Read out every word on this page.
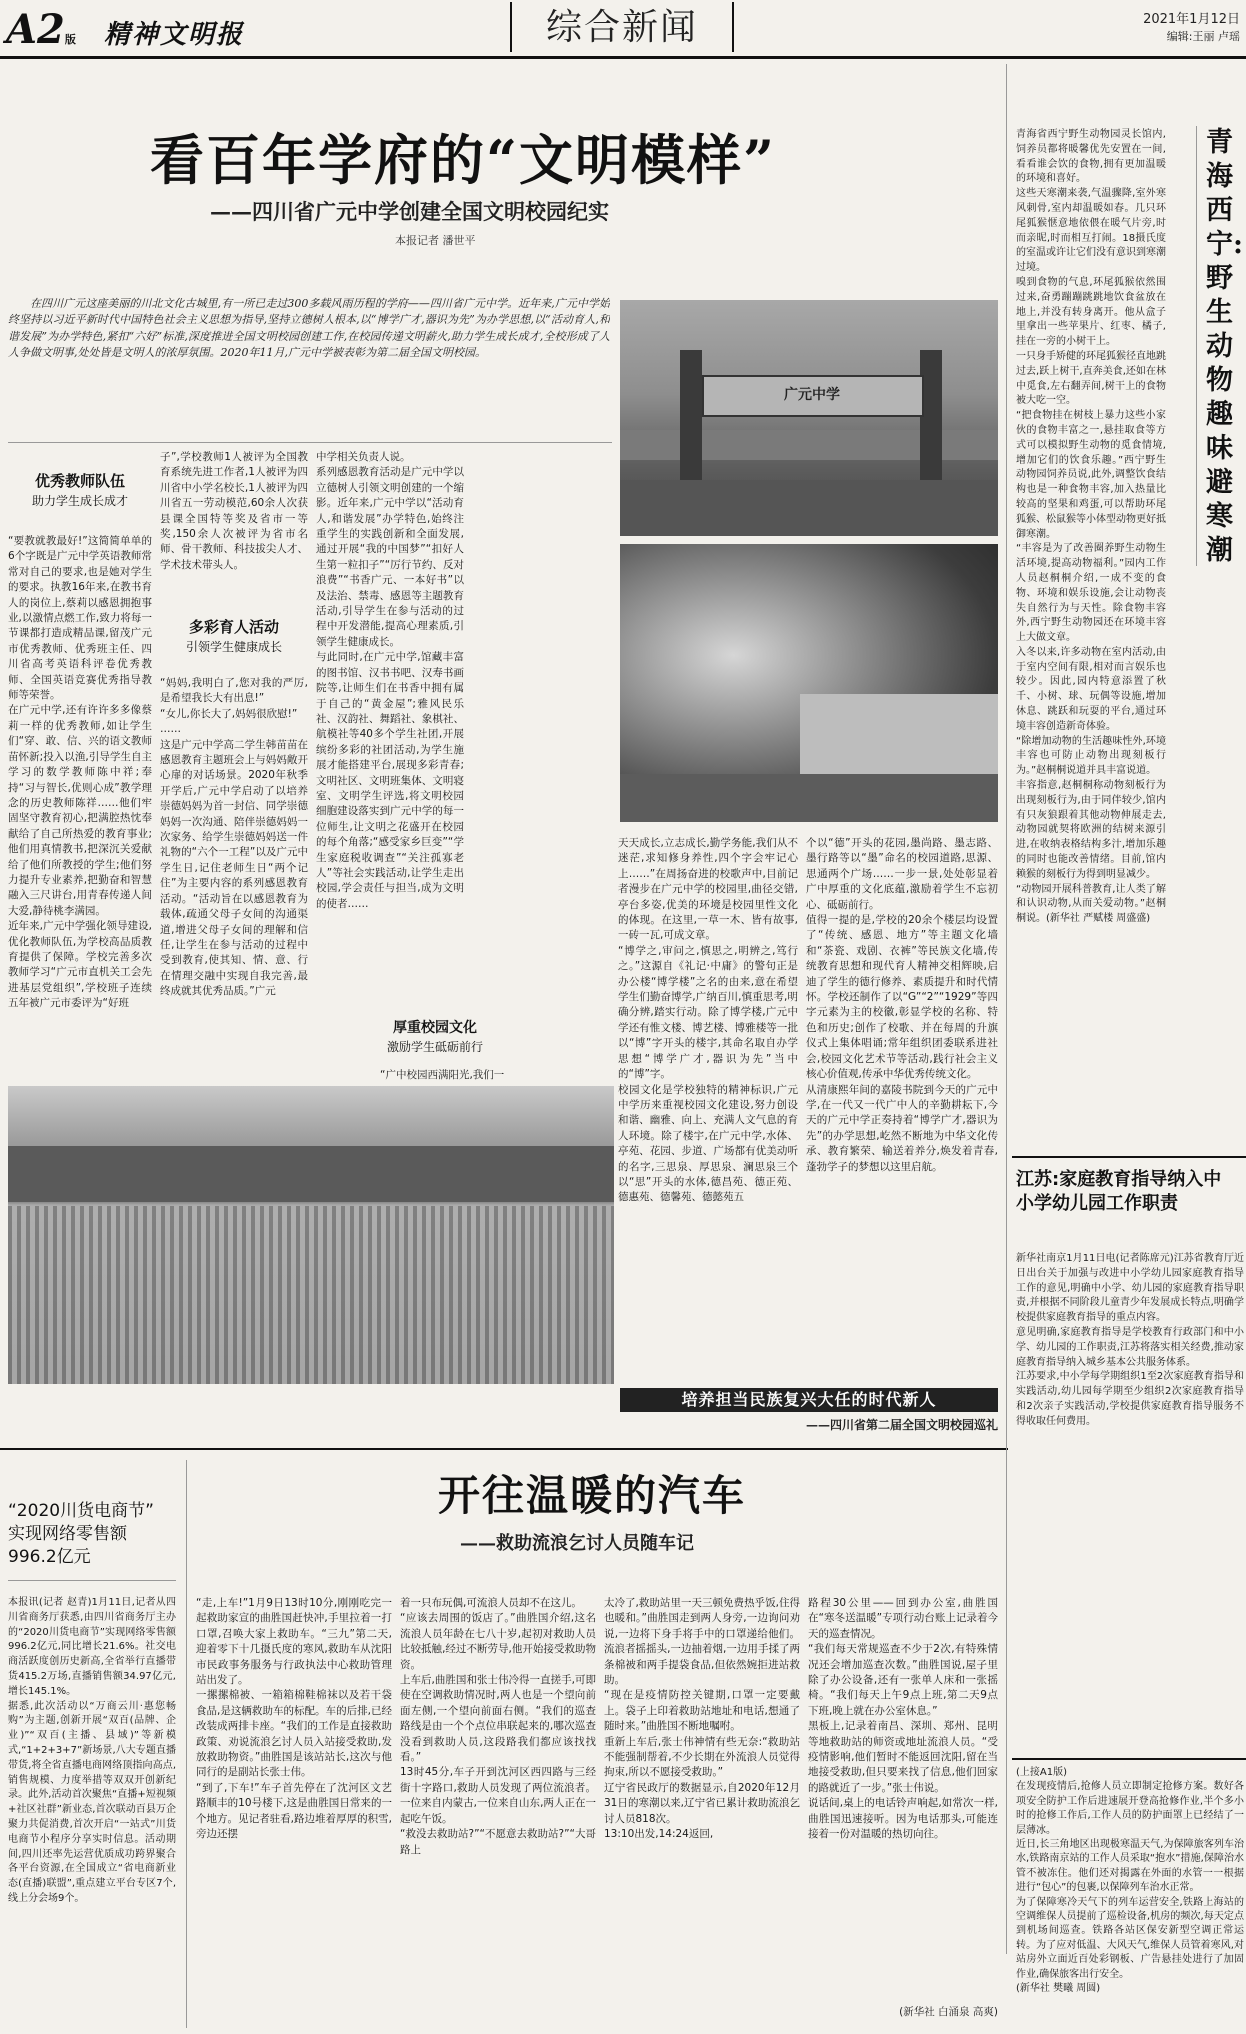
A2版 精神文明报	综合新闻	2021年1月12日
编辑:王丽 卢瑶
看百年学府的“文明模样”
——四川省广元中学创建全国文明校园纪实
本报记者 潘世平
在四川广元这座美丽的川北文化古城里,有一所已走过300多载风雨历程的学府——四川省广元中学。近年来,广元中学始终坚持以习近平新时代中国特色社会主义思想为指导,坚持立德树人根本,以“博学广才,器识为先”为办学思想,以“活动育人,和谐发展”为办学特色,紧扣“六好”标准,深度推进全国文明校园创建工作,在校园传递文明薪火,助力学生成长成才,全校形成了人人争做文明事,处处皆是文明人的浓厚氛围。2020年11月,广元中学被表彰为第二届全国文明校园。
广元中学
优秀教师队伍
助力学生成长成才
“要教就教最好!”这简简单单的6个字既是广元中学英语教师常常对自己的要求,也是她对学生的要求。执教16年来,在教书育人的岗位上,蔡莉以感恩拥抱事业,以激情点燃工作,致力将每一节课都打造成精品课,留茂广元市优秀教师、优秀班主任、四川省高考英语科评卷优秀教师、全国英语竞赛优秀指导教师等荣誉。
在广元中学,还有许许多多像蔡莉一样的优秀教师,如让学生们“穿、敢、信、兴的语文教师苗怀新;投入以渔,引导学生自主学习的数学教师陈中祥;奉持“习与智长,优则心成”教学理念的历史教师陈祥……他们牢固坚守教育初心,把满腔热忱奉献给了自己所热爱的教育事业;他们用真情教书,把深沉关爱献给了他们所教授的学生;他们努力提升专业素养,把勤奋和智慧融入三尺讲台,用青春传递人间大爱,静待桃李满园。
近年来,广元中学强化领导建设,优化教师队伍,为学校高品质教育提供了保障。学校完善多次教师学习“广元市直机关工会先进基层党组织”,学校班子连续五年被广元市委评为“好班
子”,学校教师1人被评为全国教育系统先进工作者,1人被评为四川省中小学名校长,1人被评为四川省五一劳动模范,60余人次获县课全国特等奖及省市一等奖,150余人次被评为省市名师、骨干教师、科技拔尖人才、学术技术带头人。
多彩育人活动
引领学生健康成长
“妈妈,我明白了,您对我的严厉,是希望我长大有出息!”
“女儿,你长大了,妈妈很欣慰!”
……
这是广元中学高二学生韩苗苗在感恩教育主题班会上与妈妈敞开心扉的对话场景。2020年秋季开学后,广元中学启动了以培养崇德妈妈为首一封信、同学崇德妈妈一次沟通、陪伴崇德妈妈一次家务、给学生崇德妈妈送一件礼物的“六个一工程”以及广元中学生日,记住老师生日“两个记住”为主要内容的系列感恩教育活动。“活动旨在以感恩教育为载体,疏通父母子女间的沟通渠道,增进父母子女间的理解和信任,让学生在参与活动的过程中受到教育,使其知、情、意、行在情理交融中实现自我完善,最终成就其优秀品质。”广元
中学相关负责人说。
系列感恩教育活动是广元中学以立德树人引领文明创建的一个缩影。近年来,广元中学以“活动育人,和谐发展”办学特色,始终注重学生的实践创新和全面发展,通过开展“我的中国梦”“扣好人生第一粒扣子”“厉行节约、反对浪费”“书香广元、一本好书”以及法治、禁毒、感恩等主题教育活动,引导学生在参与活动的过程中开发潜能,提高心理素质,引领学生健康成长。
与此同时,在广元中学,馆藏丰富的图书馆、汉书书吧、汉寿书画院等,让师生们在书香中拥有属于自己的“黄金屋”;雅风民乐社、汉韵社、舞蹈社、象棋社、航模社等40多个学生社团,开展缤纷多彩的社团活动,为学生施展才能搭建平台,展现多彩青春;文明社区、文明班集体、文明寝室、文明学生评选,将文明校园细胞建设落实到广元中学的每一位师生,让文明之花盛开在校园的每个角落;“感受家乡巨变”“学生家庭税收调查”“关注孤寡老人”等社会实践活动,让学生走出校园,学会责任与担当,成为文明的使者……
厚重校园文化
激励学生砥砺前行
“广中校园西满阳光,我们一
天天成长,立志成长,勤学务能,我们从不迷茫,求知修身养性,四个字会牢记心上……”在周扬奋进的校歌声中,目前记者漫步在广元中学的校园里,曲径交错,亭台多姿,优美的环境是校园里性文化的体现。在这里,一草一木、皆有故事,一砖一瓦,可成文章。
“博学之,审问之,慎思之,明辨之,笃行之。”这源自《礼记·中庸》的警句正是办公楼“博学楼”之名的由来,意在希望学生们勤奋博学,广纳百川,慎重思考,明确分辨,踏实行动。除了博学楼,广元中学还有惟文楼、博艺楼、博雅楼等一批以“博”字开头的楼宇,其命名取自办学思想“博学广才,器识为先”当中的“博”字。
校园文化是学校独特的精神标识,广元中学历来重视校园文化建设,努力创设和谐、幽雅、向上、充满人文气息的育人环境。除了楼宇,在广元中学,水体、亭苑、花园、步道、广场都有优美动听的名字,三思泉、厚思泉、澜思泉三个以“思”开头的水体,德昌苑、德正苑、德惠苑、德馨苑、德懿苑五
个以“德”开头的花园,墨尚路、墨志路、墨行路等以“墨”命名的校园道路,思源、思通两个广场……一步一景,处处彰显着广中厚重的文化底蕴,激励着学生不忘初心、砥砺前行。
值得一提的是,学校的20余个楼层均设置了“传统、感恩、地方”等主题文化墙和“茶瓷、戏剧、衣裤”等民族文化墙,传统教育思想和现代育人精神交相辉映,启迪了学生的德行修养、素质提升和时代情怀。学校还制作了以“G”“2”“1929”等四字元素为主的校徽,彰显学校的名称、特色和历史;创作了校歌、并在每周的升旗仪式上集体唱诵;常年组织团委联系进社会,校园文化艺术节等活动,践行社会主义核心价值观,传承中华优秀传统文化。
从清康熙年间的嘉陵书院到今天的广元中学,在一代又一代广中人的辛勤耕耘下,今天的广元中学正奏持着“博学广才,器识为先”的办学思想,屹然不断地为中华文化传承、教育繁荣、输送着养分,焕发着青春,蓬勃学子的梦想以这里启航。
培养担当民族复兴大任的时代新人
——四川省第二届全国文明校园巡礼
青海省西宁野生动物园灵长馆内,饲养员都将暖馨优先安置在一间,看看谁会饮的食物,拥有更加温暖的环境和喜好。
这些天寒潮来袭,气温骤降,室外寒风刺骨,室内却温暖如春。几只环尾狐猴惬意地依偎在暖气片旁,时而亲昵,时而相互打闹。18摄氏度的室温或许让它们没有意识到寒潮过境。
嗅到食物的气息,环尾狐猴依然围过来,奋勇蹦蹦跳跳地饮食盆放在地上,并没有转身离开。他从盒子里拿出一些苹果片、红枣、橘子,挂在一旁的小树干上。
一只身手矫健的环尾狐猴径直地跳过去,跃上树干,直奔美食,还如在林中觅食,左右翻弄间,树干上的食物被大吃一空。
“把食物挂在树枝上暴力这些小家伙的食物丰富之一,悬挂取食等方式可以模拟野生动物的觅食情境,增加它们的饮食乐趣。”西宁野生动物园饲养员说,此外,调整饮食结构也是一种食物丰容,加入热量比较高的坚果和鸡蛋,可以帮助环尾狐猴、松鼠猴等小体型动物更好抵御寒潮。
“丰容是为了改善圈养野生动物生活环境,提高动物福利。”园内工作人员赵桐桐介绍,一成不变的食物、环境和娱乐设施,会让动物丧失自然行为与天性。除食物丰容外,西宁野生动物园还在环境丰容上大做文章。
入冬以来,许多动物在室内活动,由于室内空间有限,相对而言娱乐也较少。因此,园内特意添置了秋千、小树、球、玩偶等设施,增加休息、跳跃和玩耍的平台,通过环境丰容创造新奇体验。
“除增加动物的生活趣味性外,环境丰容也可防止动物出现刻板行为。”赵桐桐说道并具丰富说道。
丰容指意,赵桐桐称动物刻板行为出现刻板行为,由于同伴较少,馆内有只灰狼跟着其他动物伸展走去,动物园就契将欧洲的结树来源引进,在收纳表格结构多汁,增加乐趣的同时也能改善情绪。目前,馆内赖猴的刻板行为得到明显减少。
“动物园开展科普教育,让人类了解和认识动物,从而关爱动物。”赵桐桐说。(新华社 严赋楼 周盛盛)
青海西宁:野生动物趣味避寒潮
江苏:家庭教育指导纳入中小学幼儿园工作职责
新华社南京1月11日电(记者陈席元)江苏省教育厅近日出台关于加强与改进中小学幼儿园家庭教育指导工作的意见,明确中小学、幼儿园的家庭教育指导职责,并根据不同阶段儿童青少年发展成长特点,明确学校提供家庭教育指导的重点内容。
意见明确,家庭教育指导是学校教育行政部门和中小学、幼儿园的工作职责,江苏将落实相关经费,推动家庭教育指导纳入城乡基本公共服务体系。
江苏要求,中小学每学期组织1至2次家庭教育指导和实践活动,幼儿园每学期至少组织2次家庭教育指导和2次亲子实践活动,学校提供家庭教育指导服务不得收取任何费用。
(上接A1版)
在发现疫情后,抢修人员立即制定抢修方案。数好各项安全防护工作后进速展开登高抢修作业,半个多小时的抢修工作后,工作人员的防护面罩上已经结了一层薄冰。
近日,长三角地区出现极寒温天气,为保障旅客列车治水,铁路南京站的工作人员采取“抱水”措施,保障治水管不被冻住。他们还对揭露在外面的水管一一根据进行“包心”的包裹,以保障列车治水正常。
为了保障寒冷天气下的列车运营安全,铁路上海站的空调维保人员提前了巡检设备,机房的频次,每天定点到机场间巡查。铁路各站区保安新型空调正常运转。为了应对低温、大风天气,维保人员管着寒风,对站房外立面近百处彩钢板、广告悬挂处进行了加固作业,确保旅客出行安全。
(新华社 樊曦 周圆)
“2020川货电商节”
实现网络零售额
996.2亿元
本报讯(记者 赵青)1月11日,记者从四川省商务厅获悉,由四川省商务厅主办的“2020川货电商节”实现网络零售额996.2亿元,同比增长21.6%。社交电商活跃度创历史新高,全省举行直播带货415.2万场,直播销售额34.97亿元,增长145.1%。
据悉,此次活动以“万商云川·惠您畅购”为主题,创新开展“双百(品牌、企业)”“双百(主播、县域)”等新模式,“1+2+3+7”新场景,八大专题直播带货,将全省直播电商网络顶指向高点,销售规模、力度举措等双双开创新纪录。此外,活动首次聚焦“直播+短视频+社区社群”新业态,首次联动百县万企聚力共促消费,首次开启“一站式”川货电商节小程序分享实时信息。活动期间,四川还率先运营优质成功跨界聚合各平台资源,在全国成立“省电商新业态(直播)联盟”,重点建立平台专区7个,线上分会场9个。
开往温暖的汽车
——救助流浪乞讨人员随车记
“走,上车!”1月9日13时10分,刚刚吃完一起救助家宣的曲胜国赶快冲,手里拉着一打口罩,召唤大家上救助车。“三九”第二天,迎着零下十几摄氏度的寒风,救助车从沈阳市民政事务服务与行政执法中心救助管理站出发了。
一摞摞棉被、一箱箱棉鞋棉袜以及若干袋食品,是这辆救助车的标配。车的后排,已经改装成两排卡座。“我们的工作是直接救助政策、劝说流浪乞讨人员入站接受救助,发放救助物资。”曲胜国是该站站长,这次与他同行的是副站长张士伟。
“到了,下车!”车子首先停在了沈河区文艺路顺丰的10号楼下,这是曲胜国日常来的一个地方。见记者驻看,路边堆着厚厚的积雪,旁边还摆
着一只布玩偶,可流浪人员却不在这儿。
“应该去周围的饭店了。”曲胜国介绍,这名流浪人员年龄在七八十岁,起初对救助人员比较抵触,经过不断劳导,他开始接受救助物资。
上车后,曲胜国和张士伟冷得一直搓手,可即使在空调救助情况时,两人也是一个望向前面左侧,一个望向前面右侧。“我们的巡查路线是由一个个点位串联起来的,哪次巡查没看到救助人员,这段路我们都应该找找看。”
13时45分,车子开到沈河区西四路与三经街十字路口,救助人员发现了两位流浪者。一位来自内蒙古,一位来自山东,两人正在一起吃午饭。
“救没去救助站?”“不愿意去救助站?”“大哥路上
太冷了,救助站里一天三顿免费热乎饭,住得也暖和。”曲胜国走到两人身旁,一边询问劝说,一边将下身手将手中的口罩递给他们。流浪者摇摇头,一边抽着烟,一边用手揉了两条棉被和两手提袋食品,但依然婉拒进站救助。
“现在是疫情防控关键期,口罩一定要戴上。袋子上印着救助站地址和电话,想通了随时来。”曲胜国不断地嘱咐。
重新上车后,张士伟神情有些无奈:“救助站不能强制帮着,不少长期在外流浪人员觉得拘束,所以不愿接受救助。”
辽宁省民政厅的数据显示,自2020年12月31日的寒潮以来,辽宁省已累计救助流浪乞讨人员818次。
13:10出发,14:24返回,
路程30公里——回到办公室,曲胜国在“寒冬送温暖”专项行动台账上记录着今天的巡查情况。
“我们每天常规巡查不少于2次,有特殊情况还会增加巡查次数。”曲胜国说,屋子里除了办公设备,还有一张单人床和一张摇椅。“我们每天上午9点上班,第二天9点下班,晚上就在办公室休息。”
黑板上,记录着南昌、深圳、郑州、昆明等地救助站的师资或地址流浪人员。“受疫情影响,他们暂时不能返回沈阳,留在当地接受救助,但只要来找了信息,他们回家的路就近了一步。”张士伟说。
说话间,桌上的电话铃声响起,如常次一样,曲胜国迅速接听。因为电话那头,可能连接着一份对温暖的热切向往。
(新华社 白涌泉 高爽)
